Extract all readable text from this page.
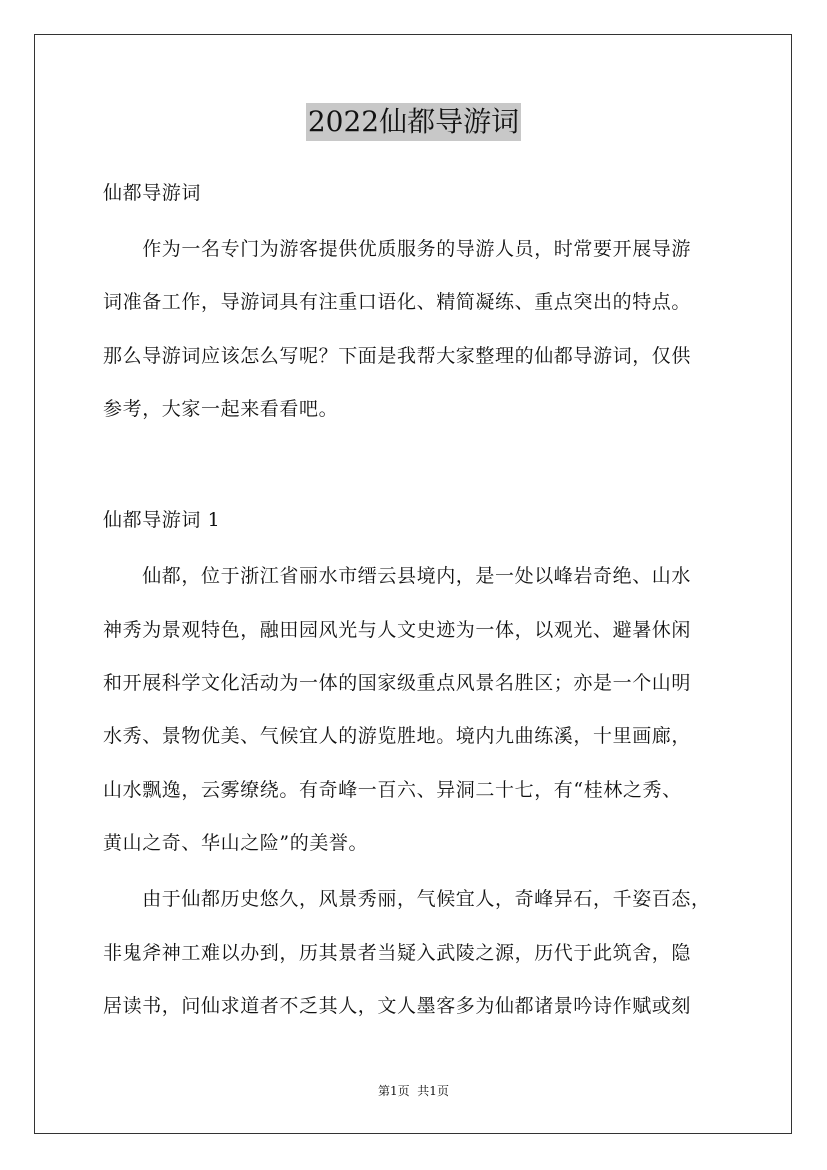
2022仙都导游词
仙都导游词
　　作为一名专门为游客提供优质服务的导游人员，时常要开展导游
词准备工作，导游词具有注重口语化、精简凝练、重点突出的特点。
那么导游词应该怎么写呢？下面是我帮大家整理的仙都导游词，仅供
参考，大家一起来看看吧。
仙都导游词 1
　　仙都，位于浙江省丽水市缙云县境内，是一处以峰岩奇绝、山水
神秀为景观特色，融田园风光与人文史迹为一体，以观光、避暑休闲
和开展科学文化活动为一体的国家级重点风景名胜区；亦是一个山明
水秀、景物优美、气候宜人的游览胜地。境内九曲练溪，十里画廊，
山水飘逸，云雾缭绕。有奇峰一百六、异洞二十七，有“桂林之秀、
黄山之奇、华山之险”的美誉。
　　由于仙都历史悠久，风景秀丽，气候宜人，奇峰异石，千姿百态，
非鬼斧神工难以办到，历其景者当疑入武陵之源，历代于此筑舍，隐
居读书，问仙求道者不乏其人，文人墨客多为仙都诸景吟诗作赋或刻
第1页  共1页
